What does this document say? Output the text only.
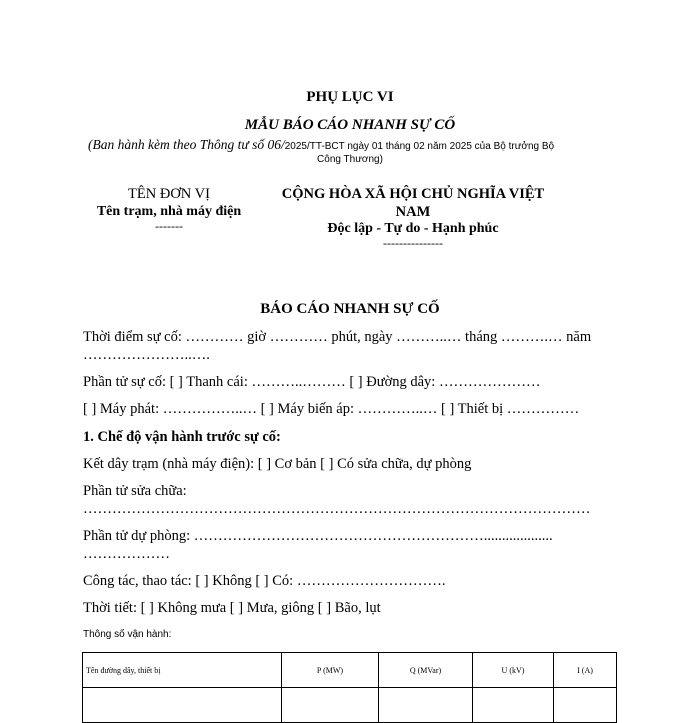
PHỤ LỤC VI
MẪU BÁO CÁO NHANH SỰ CỐ
(Ban hành kèm theo Thông tư số 06/2025/TT-BCT ngày 01 tháng 02 năm 2025 của Bộ trưởng Bộ
Công Thương)
TÊN ĐƠN VỊ
Tên trạm, nhà máy điện
-------
CỘNG HÒA XÃ HỘI CHỦ NGHĨA VIỆT
NAM
Độc lập - Tự do - Hạnh phúc
---------------
BÁO CÁO NHANH SỰ CỐ
Thời điểm sự cố: ………… giờ ………… phút, ngày ………..… tháng ……….… năm
…………………..….
Phần tử sự cố: [ ] Thanh cái: ………..……… [ ] Đường dây: …………………
[ ] Máy phát: ……………..… [ ] Máy biến áp: …………..… [ ] Thiết bị ……………
1. Chế độ vận hành trước sự cố:
Kết dây trạm (nhà máy điện): [ ] Cơ bản [ ] Có sửa chữa, dự phòng
Phần tử sửa chữa:
……………………………………………………………………………………………
Phần tử dự phòng: ……………………………………………………...................
………………
Công tác, thao tác: [ ] Không [ ] Có: ………………………….
Thời tiết: [ ] Không mưa [ ] Mưa, giông [ ] Bão, lụt
Thông số vận hành:
Tên đường dây, thiết bị	P (MW)	Q (MVar)	U (kV)	I (A)
